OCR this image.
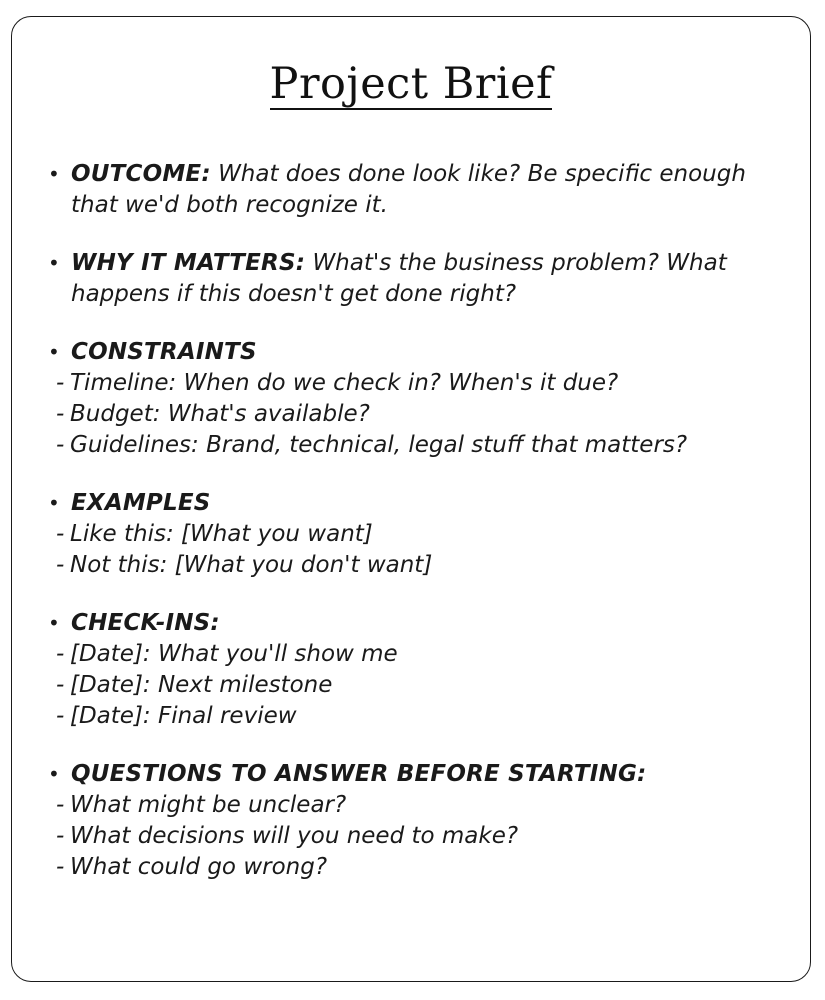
Project Brief
• OUTCOME: What does done look like? Be specific enough that we'd both recognize it.
• WHY IT MATTERS: What's the business problem? What happens if this doesn't get done right?
• CONSTRAINTS
- Timeline: When do we check in? When's it due?
- Budget: What's available?
- Guidelines: Brand, technical, legal stuff that matters?
• EXAMPLES
- Like this: [What you want]
- Not this: [What you don't want]
• CHECK-INS:
- [Date]: What you'll show me
- [Date]: Next milestone
- [Date]: Final review
• QUESTIONS TO ANSWER BEFORE STARTING:
- What might be unclear?
- What decisions will you need to make?
- What could go wrong?
